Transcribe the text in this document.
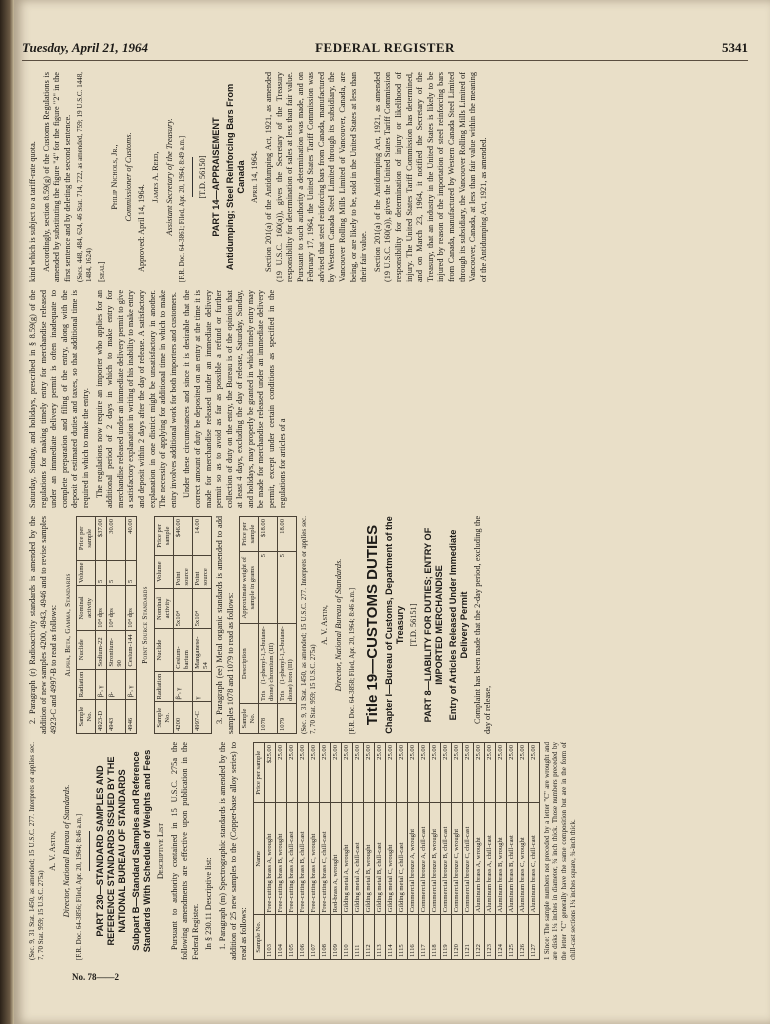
Tuesday, April 21, 1964	FEDERAL REGISTER	5341

(Sec. 9, 31 Stat. 1450, as amended; 15 U.S.C. 277. Interprets or applies sec. 7, 70 Stat. 959; 15 U.S.C. 275a)

A. V. Astin, Director, National Bureau of Standards. [F.R. Doc. 64-3856; Filed, Apr. 20, 1964; 8:46 a.m.] PART 230—STANDARD SAMPLES AND REFERENCE STANDARDS ISSUED BY THE NATIONAL BUREAU OF STANDARDS Subpart B—Standard Samples and Reference Standards With Schedule of Weights and Fees Descriptive List Pursuant to authority contained in 15 U.S.C. 275a the following amendments are effective upon publication in the Federal Register. In § 230.11 Descriptive list: 1. Paragraph (m) Spectrographic standards is amended by the addition of 25 new samples to the (Copper-base alloy series) to read as follows: Sample No.	Name	Price per sample
1103	Free-cutting brass A, wrought	$25.00
1104	Free-cutting brass B, wrought	25.00
1105	Free-cutting brass A, chill-cast	25.00
1106	Free-cutting brass B, chill-cast	25.00
1107	Free-cutting brass C, wrought	25.00
1108	Free-cutting brass C, chill-cast	25.00
1109	Red-brass A, wrought	25.00
1110	Gilding metal A, wrought	25.00
1111	Gilding metal A, chill-cast	25.00
1112	Gilding metal B, wrought	25.00
1113	Gilding metal B, chill-cast	25.00
1114	Gilding metal C, wrought	25.00
1115	Gilding metal C, chill-cast	25.00
1116	Commercial bronze A, wrought	25.00
1117	Commercial bronze A, chill-cast	25.00
1118	Commercial bronze B, wrought	25.00
1119	Commercial bronze B, chill-cast	25.00
1120	Commercial bronze C, wrought	25.00
1121	Commercial bronze C, chill-cast	25.00
1122	Aluminum brass A, wrought	25.00
1123	Aluminum brass A, chill-cast	25.00
1124	Aluminum brass B, wrought	25.00
1125	Aluminum brass B, chill-cast	25.00
1126	Aluminum brass C, wrought	25.00
1127	Aluminum brass C, chill-cast	25.00 1 Since: The sample numbers not preceded by a letter "C" are wrought and are disks 1¼ inches in diameter, ¾ inch thick. Those numbers preceded by the letter "C" generally have the same composition but are in the form of chill-cast sections 1¼ inches square, ¾-inch thick.

2. Paragraph (r) Radioactivity standards is amended by the addition of new samples 4200, 4943, 4946 and to revise samples 4923-C and 4997-B to read as follows: Alpha, Beta, Gamma, Standards
Sample No.	Radiation	Nuclide	Nominal activity	Volume	Price per sample
4923-D	β-, γ	Sodium-22	10⁴ dps	5	$37.00
4943	β-	Strontium-90	10⁴ dps	5	30.00
4946	β-, γ	Cesium-144	10⁴ dps	5	40.00
Point Source Standards
Sample No.	Radiation	Nuclide	Nominal activity	Volume	Price per sample
4200	β-, γ	Cesium-barium	5x10⁴	Point source	$46.00
4997-C	γ	Manganese-54	5x10⁴	Point source	14.00 3. Paragraph (ee) Metal organic standards is amended to add samples 1078 and 1079 to read as follows: Sample No.	Description	Approximate weight of sample in grams	Price per sample
1078	Tris (1-phenyl-1,3-butane-dione) chromium (III)	5	$18.00
1079	Tris (1-phenyl-1,3-butane-dione) iron (III)	5	18.00 (Sec. 9, 31 Stat. 1450, as amended; 15 U.S.C. 277. Interprets or applies sec. 7, 70 Stat. 959; 15 U.S.C. 275a)

A. V. Astin, Director, National Bureau of Standards. [F.R. Doc. 64-3858; Filed, Apr. 20, 1964; 8:46 a.m.] Title 19—CUSTOMS DUTIES Chapter I—Bureau of Customs, Department of the Treasury [T.D. 56151] PART 8—LIABILITY FOR DUTIES; ENTRY OF IMPORTED MERCHANDISE Entry of Articles Released Under Immediate Delivery Permit Complaint has been made that the 2-day period, excluding the day of release,

Saturday, Sunday, and holidays, prescribed in § 8.59(g) of the regulations for making timely entry for merchandise released under an immediate delivery permit is often inadequate to complete preparation and filing of the entry, along with the deposit of estimated duties and taxes, so that additional time is required in which to make the entry. The regulations now require an importer who applies for an additional period of 2 days in which to make entry for merchandise released under an immediate delivery permit to give a satisfactory explanation in writing of his inability to make entry and deposit within 2 days after the day of release. A satisfactory explanation in one district might be unsatisfactory in another. The necessity of applying for additional time in which to make entry involves additional work for both importers and customers. Under these circumstances and since it is desirable that the correct amount of duty be deposited on an entry at the time it is made for merchandise released under an immediate delivery permit so as to avoid as far as possible a refund or further collection of duty on the entry, the Bureau is of the opinion that at least 4 days, excluding the day of release, Saturday, Sunday, and holidays, may properly be granted in which timely entry may be made for merchandise released under an immediate delivery permit, except under certain conditions as specified in the regulations for articles of a

kind which is subject to a tariff-rate quota. Accordingly, section 8.59(g) of the Customs Regulations is amended by substituting the figure "4" for the figure "2" in the first sentence and by deleting the second sentence. (Secs. 448, 484, 624, 46 Stat. 714, 722, as amended, 759; 19 U.S.C. 1448, 1484, 1624) [seal]

Philip Nichols, Jr., Commissioner of Customs.

Approved: April 14, 1964.

James A. Reed, Assistant Secretary of the Treasury. [F.R. Doc. 64-3861; Filed, Apr. 20, 1964; 8:49 a.m.] [T.D. 56150] PART 14—APPRAISEMENT Antidumping; Steel Reinforcing Bars From Canada April 14, 1964. Section 201(a) of the Antidumping Act, 1921, as amended (19 U.S.C. 160(a)), gives the Secretary of the Treasury responsibility for determination of sales at less than fair value. Pursuant to such authority a determination was made, and on February 17, 1964, the United States Tariff Commission was advised that steel reinforcing bars from Canada, manufactured by Western Canada Steel Limited through its subsidiary, the Vancouver Rolling Mills Limited of Vancouver, Canada, are being, or are likely to be, sold in the United States at less than their fair value. Section 201(a) of the Antidumping Act, 1921, as amended (19 U.S.C. 160(a)), gives the United States Tariff Commission responsibility for determination of injury or likelihood of injury. The United States Tariff Commission has determined, and on March 23, 1964, it notified the Secretary of the Treasury, that an industry in the United States is likely to be injured by reason of the importation of steel reinforcing bars from Canada, manufactured by Western Canada Steel Limited through its subsidiary, the Vancouver Rolling Mills Limited of Vancouver, Canada, at less than fair value within the meaning of the Antidumping Act, 1921, as amended.

No. 78——2
